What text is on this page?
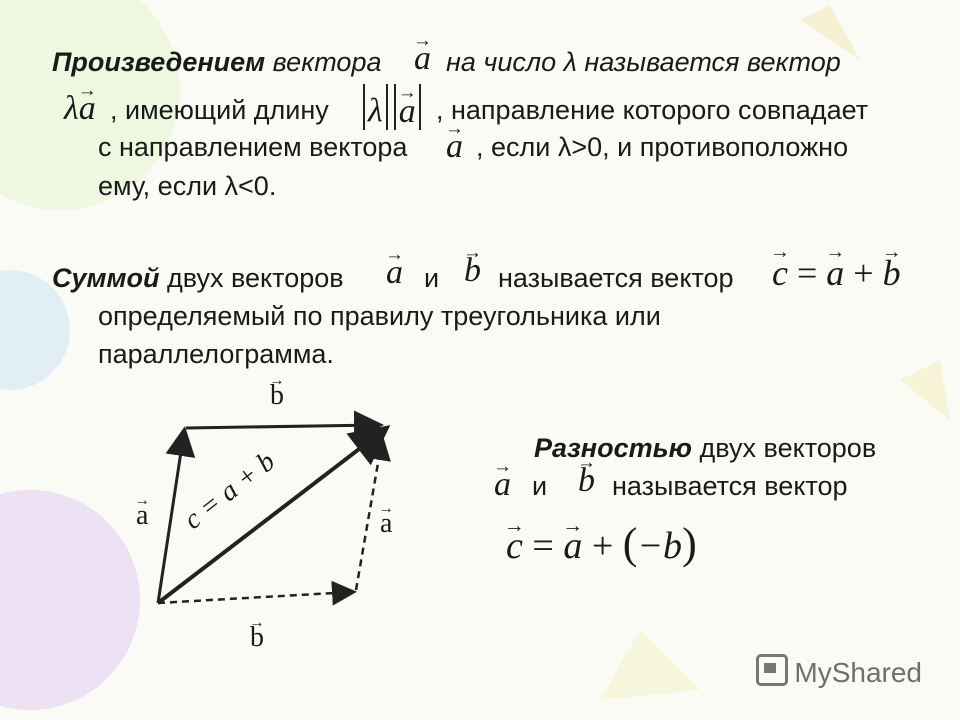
Произведением вектора → a на число λ называется вектор
λ→ a , имеющий длину λ → a , направление которого совпадает
с направлением вектора → a , если λ>0, и противоположно
ему, если λ<0.
Суммой двух векторов → a и → b называется вектор → c = → a + → b
определяемый по правилу треугольника или
параллелограмма.
→ b
→ b
→ a	→ a
c = a + b	Разностью двух векторов
→ a и → b называется вектор
→ c = → a + (−b)
MyShared
